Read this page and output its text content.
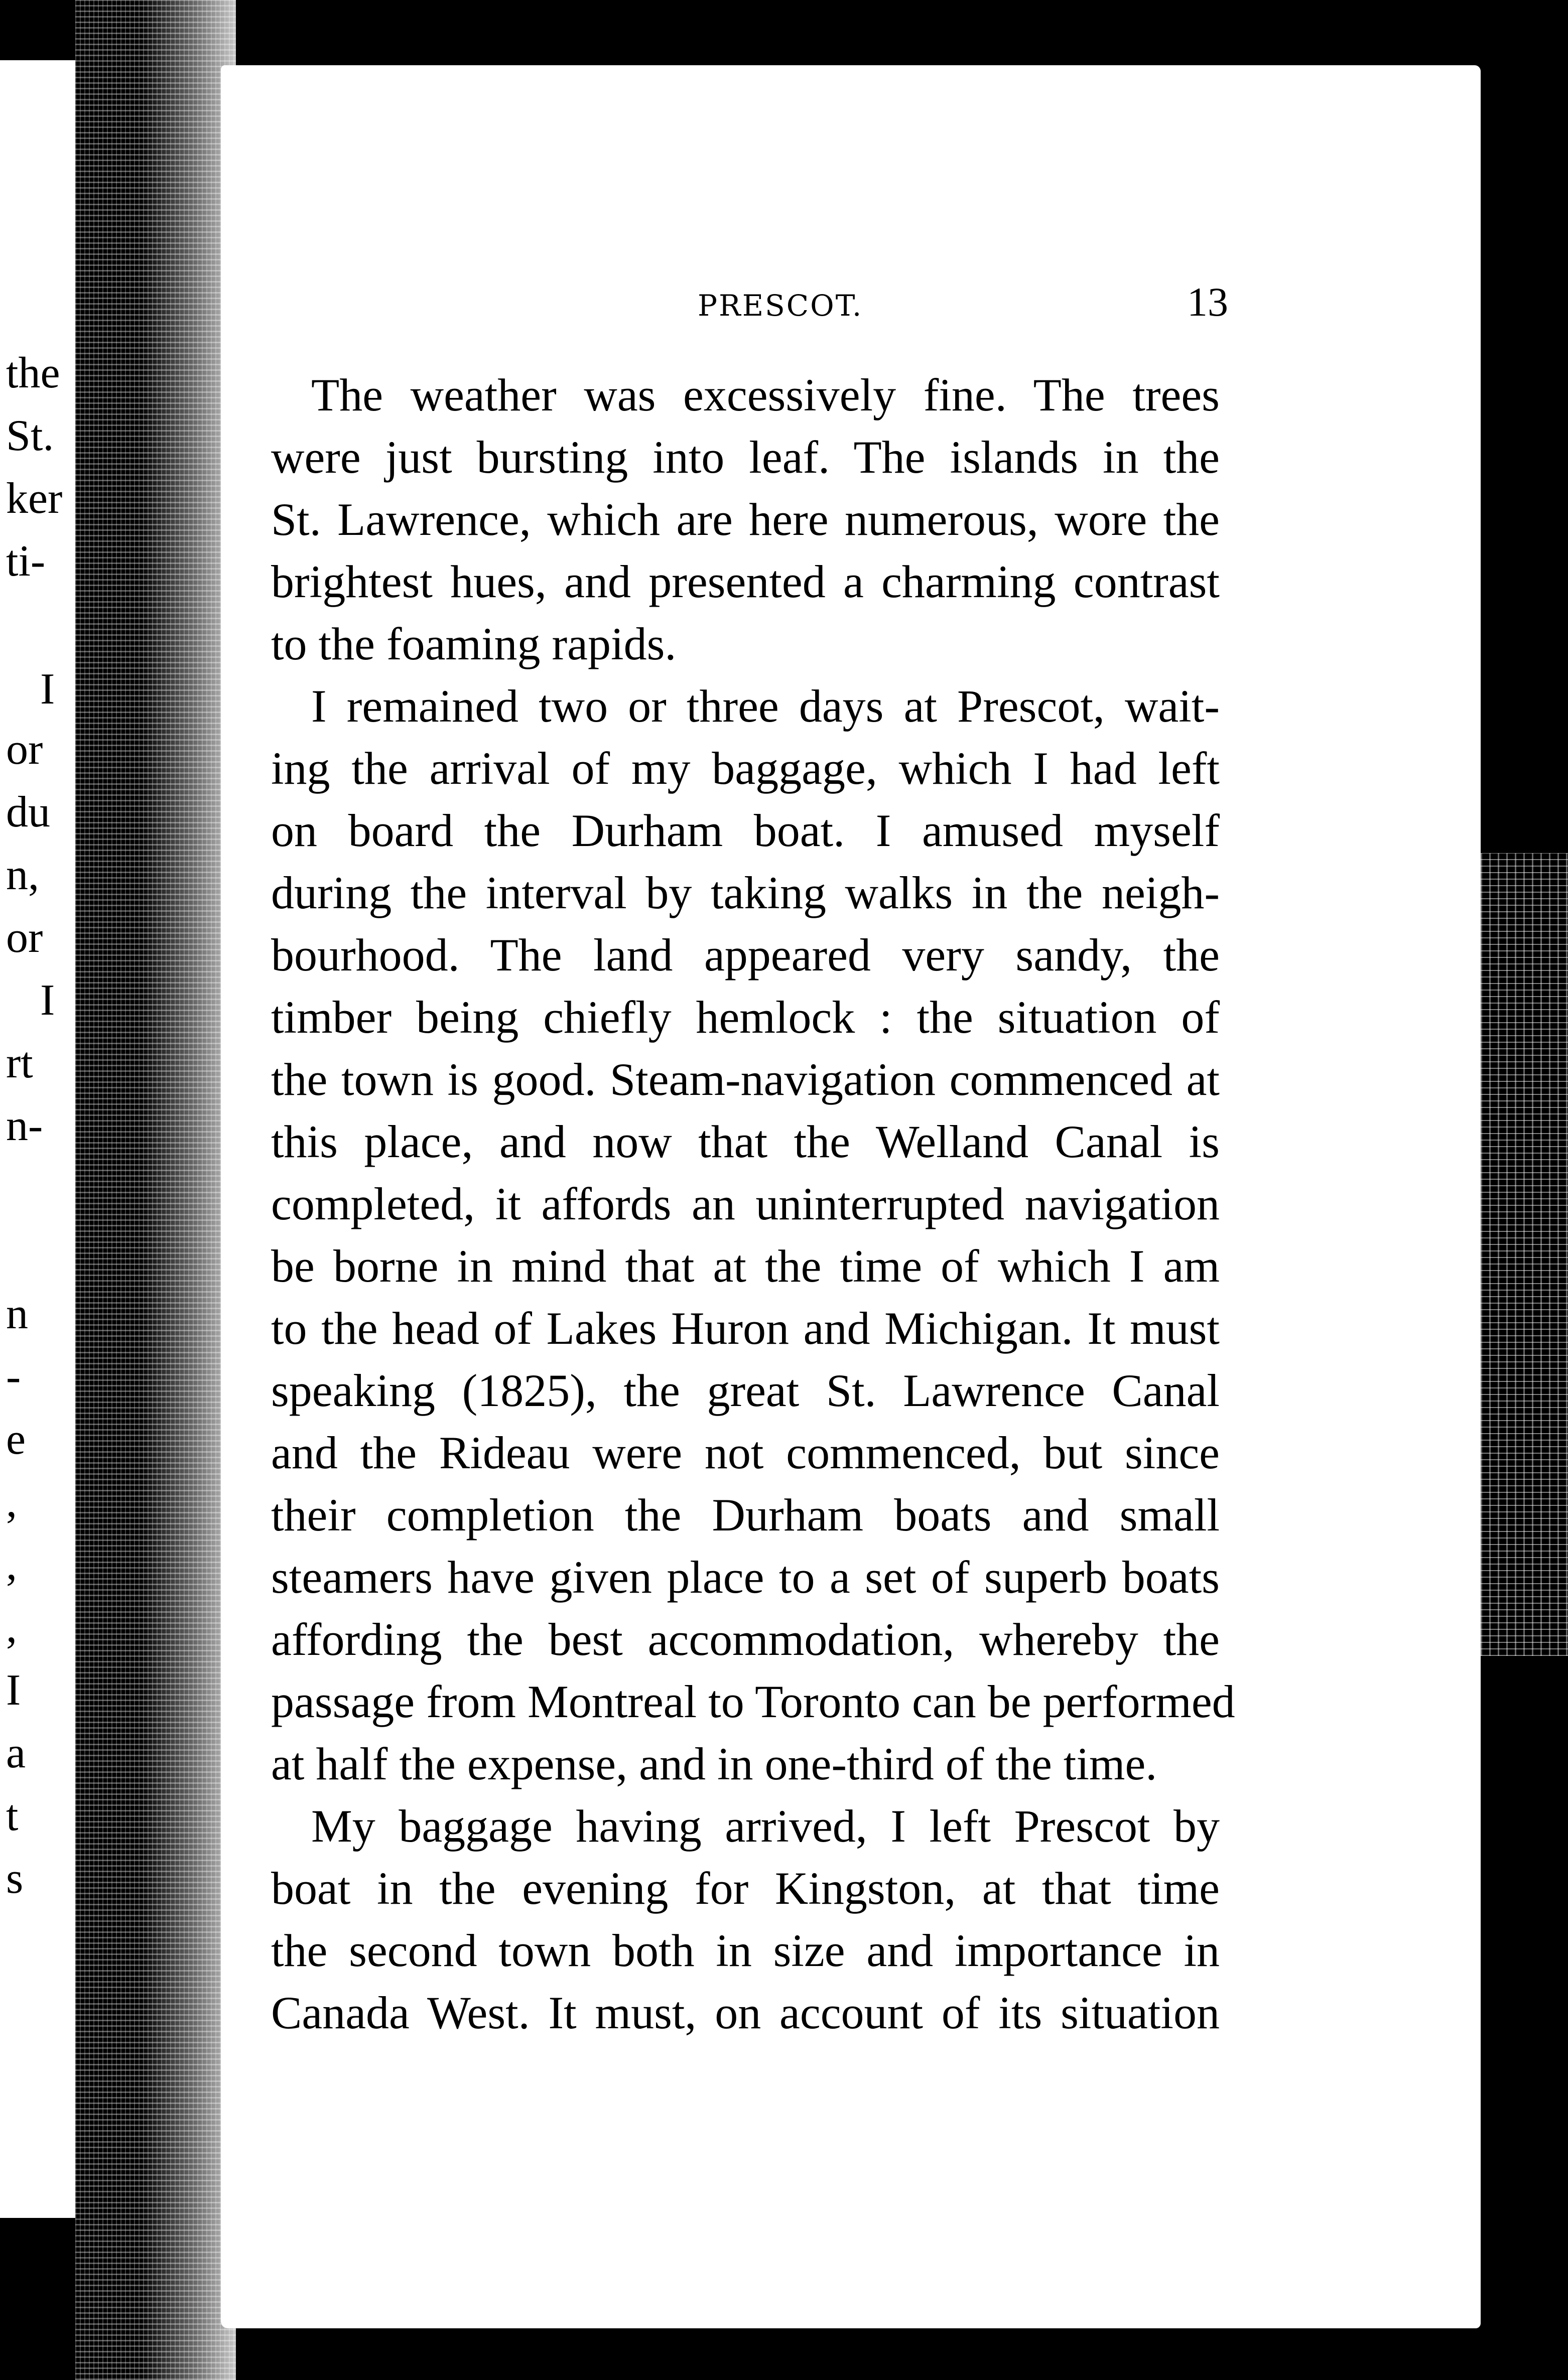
the
St.
ker
ti-
I
or
du
n,
or
I
rt
n-
n
-
e
,
,
,
I
a
t
s
PRESCOT.	13
The weather was excessively fine. The trees
were just bursting into leaf. The islands in the
St. Lawrence, which are here numerous, wore the
brightest hues, and presented a charming contrast
to the foaming rapids.
I remained two or three days at Prescot, wait-
ing the arrival of my baggage, which I had left
on board the Durham boat. I amused myself
during the interval by taking walks in the neigh-
bourhood. The land appeared very sandy, the
timber being chiefly hemlock : the situation of
the town is good. Steam-navigation commenced at
this place, and now that the Welland Canal is
completed, it affords an uninterrupted navigation
be borne in mind that at the time of which I am
to the head of Lakes Huron and Michigan. It must
speaking (1825), the great St. Lawrence Canal
and the Rideau were not commenced, but since
their completion the Durham boats and small
steamers have given place to a set of superb boats
affording the best accommodation, whereby the
passage from Montreal to Toronto can be performed
at half the expense, and in one-third of the time.
My baggage having arrived, I left Prescot by
boat in the evening for Kingston, at that time
the second town both in size and importance in
Canada West. It must, on account of its situation
